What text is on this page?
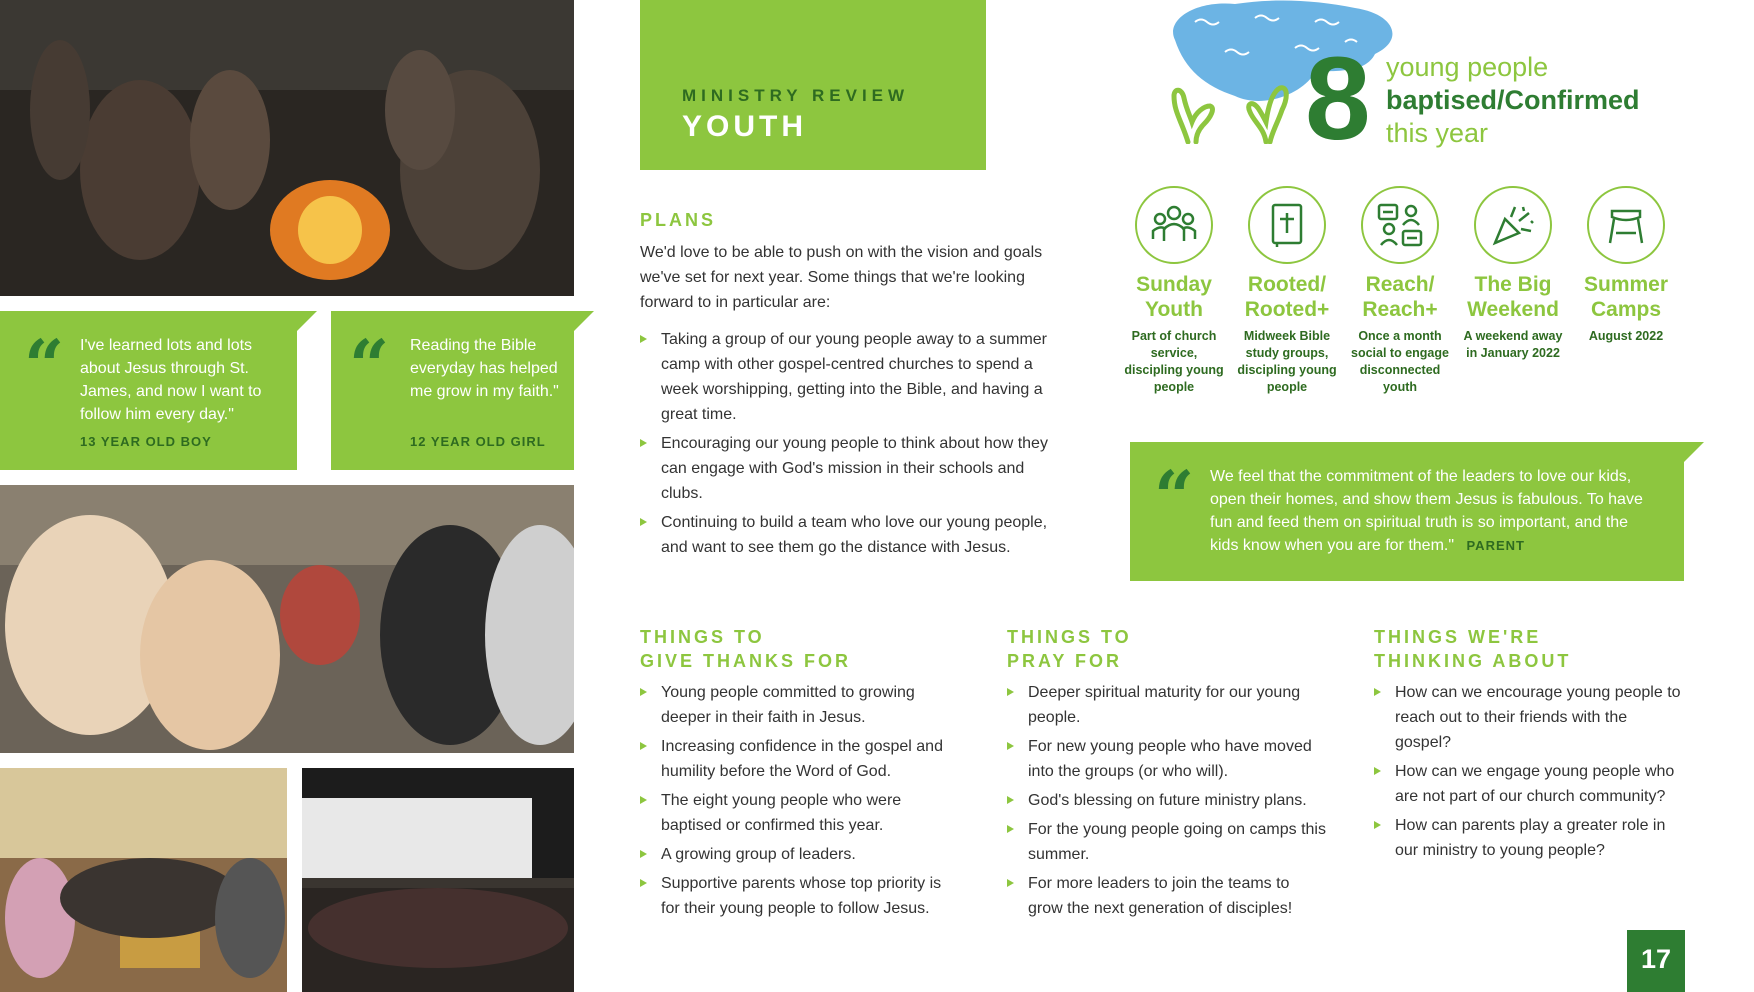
“ I've learned lots and lots about Jesus through St. James, and now I want to follow him every day."
13 YEAR OLD BOY
“ Reading the Bible everyday has helped me grow in my faith."
12 YEAR OLD GIRL
MINISTRY REVIEW
YOUTH
PLANS
We'd love to be able to push on with the vision and goals we've set for next year. Some things that we're looking forward to in particular are:
Taking a group of our young people away to a summer camp with other gospel-centred churches to spend a week worshipping, getting into the Bible, and having a great time.
Encouraging our young people to think about how they can engage with God's mission in their schools and clubs.
Continuing to build a team who love our young people, and want to see them go the distance with Jesus.
8 young people
baptised/Confirmed
this year
Sunday Youth
Part of church service, discipling young people
Rooted/ Rooted+
Midweek Bible study groups, discipling young people
Reach/ Reach+
Once a month social to engage disconnected youth
The Big Weekend
A weekend away in January 2022
Summer Camps
August 2022
“ We feel that the commitment of the leaders to love our kids, open their homes, and show them Jesus is fabulous. To have fun and feed them on spiritual truth is so important, and the kids know when you are for them." PARENT
THINGS TO
GIVE THANKS FOR
Young people committed to growing deeper in their faith in Jesus.
Increasing confidence in the gospel and humility before the Word of God.
The eight young people who were baptised or confirmed this year.
A growing group of leaders.
Supportive parents whose top priority is for their young people to follow Jesus.
THINGS TO
PRAY FOR
Deeper spiritual maturity for our young people.
For new young people who have moved into the groups (or who will).
God's blessing on future ministry plans.
For the young people going on camps this summer.
For more leaders to join the teams to grow the next generation of disciples!
THINGS WE'RE
THINKING ABOUT
How can we encourage young people to reach out to their friends with the gospel?
How can we engage young people who are not part of our church community?
How can parents play a greater role in our ministry to young people?
17
